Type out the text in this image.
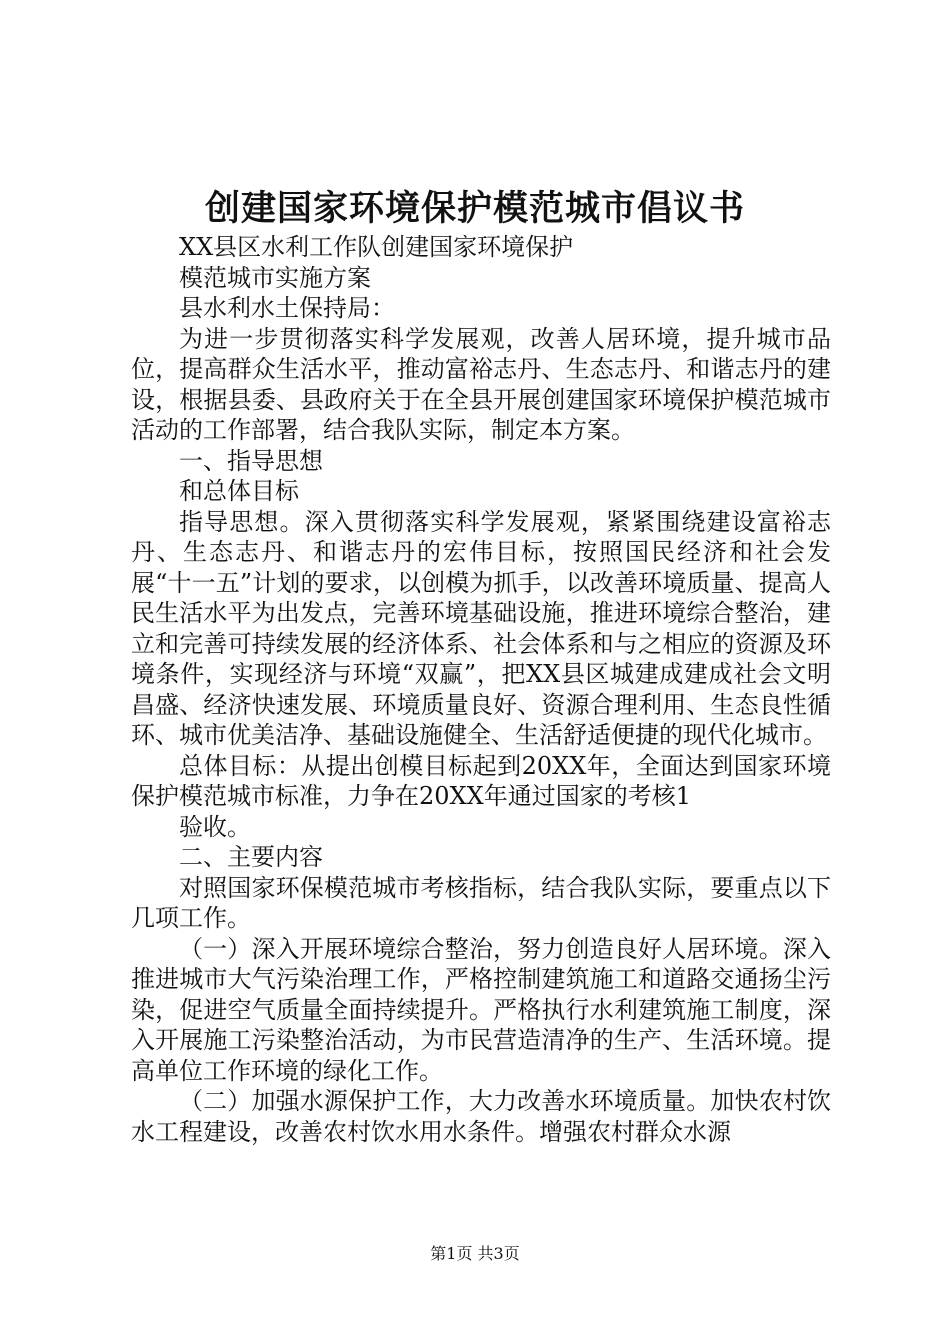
创建国家环境保护模范城市倡议书

XX县区水利工作队创建国家环境保护

模范城市实施方案

县水利水土保持局：

为进一步贯彻落实科学发展观，改善人居环境，提升城市品位，提高群众生活水平，推动富裕志丹、生态志丹、和谐志丹的建设，根据县委、县政府关于在全县开展创建国家环境保护模范城市活动的工作部署，结合我队实际，制定本方案。

一、指导思想

和总体目标

指导思想。深入贯彻落实科学发展观，紧紧围绕建设富裕志丹、生态志丹、和谐志丹的宏伟目标，按照国民经济和社会发展“十一五”计划的要求，以创模为抓手，以改善环境质量、提高人民生活水平为出发点，完善环境基础设施，推进环境综合整治，建立和完善可持续发展的经济体系、社会体系和与之相应的资源及环境条件，实现经济与环境“双赢”，把XX县区城建成建成社会文明昌盛、经济快速发展、环境质量良好、资源合理利用、生态良性循环、城市优美洁净、基础设施健全、生活舒适便捷的现代化城市。

总体目标：从提出创模目标起到20XX年，全面达到国家环境保护模范城市标准，力争在20XX年通过国家的考核1

验收。

二、主要内容

对照国家环保模范城市考核指标，结合我队实际，要重点以下几项工作。

（一）深入开展环境综合整治，努力创造良好人居环境。深入推进城市大气污染治理工作，严格控制建筑施工和道路交通扬尘污染，促进空气质量全面持续提升。严格执行水利建筑施工制度，深入开展施工污染整治活动，为市民营造清净的生产、生活环境。提高单位工作环境的绿化工作。

（二）加强水源保护工作，大力改善水环境质量。加快农村饮水工程建设，改善农村饮水用水条件。增强农村群众水源

第1页 共3页
